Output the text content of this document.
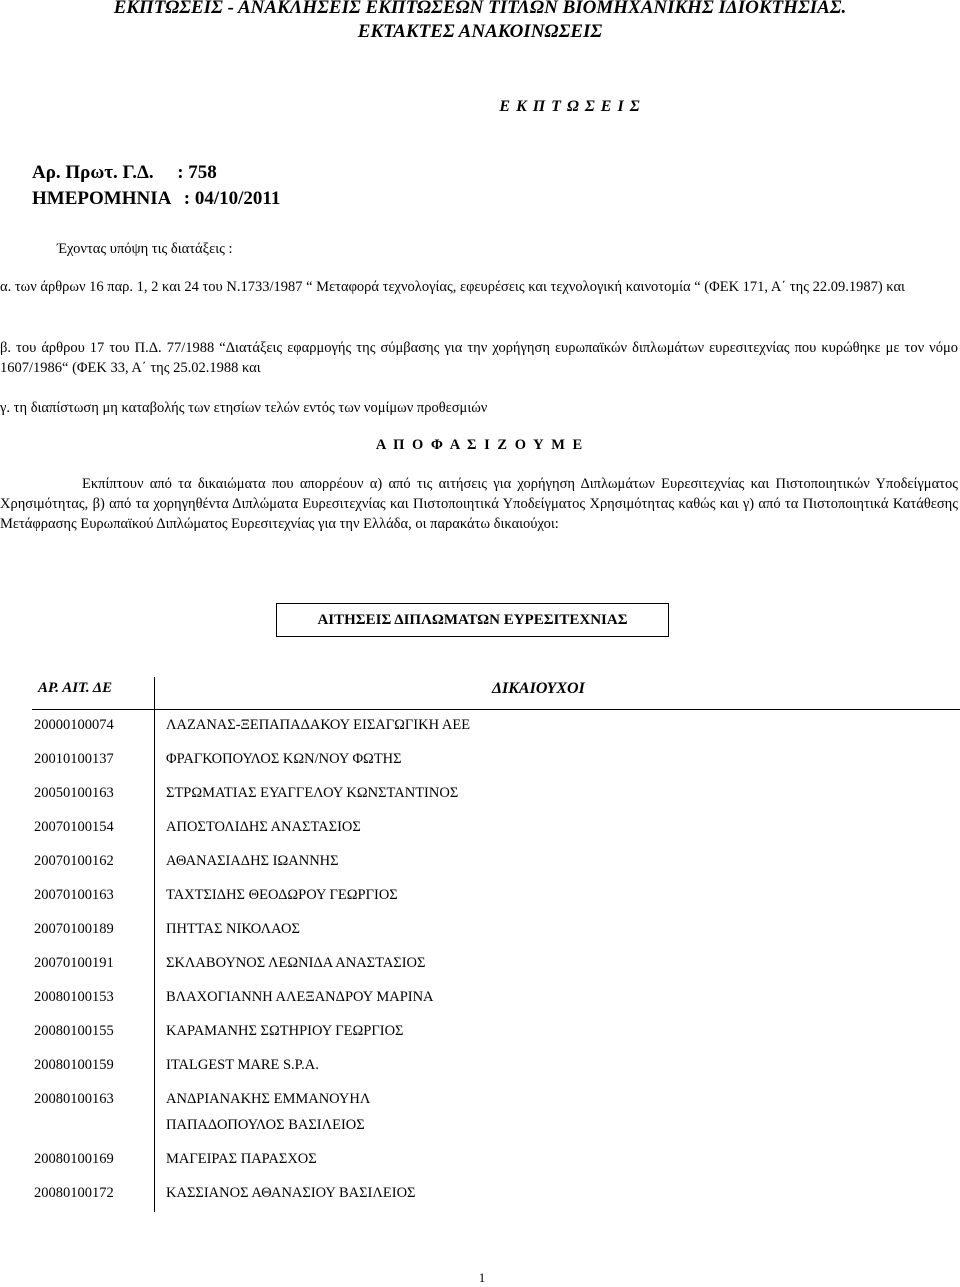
ΕΚΠΤΩΣΕΙΣ - ΑΝΑΚΛΗΣΕΙΣ ΕΚΠΤΩΣΕΩΝ ΤΙΤΛΩΝ ΒΙΟΜΗΧΑΝΙΚΗΣ ΙΔΙΟΚΤΗΣΙΑΣ.
ΕΚΤΑΚΤΕΣ ΑΝΑΚΟΙΝΩΣΕΙΣ
Ε Κ Π Τ Ω Σ Ε Ι Σ
Αρ. Πρωτ. Γ.Δ. : 758
ΗΜΕΡΟΜΗΝΙΑ : 04/10/2011
Έχοντας υπόψη τις διατάξεις :
α. των άρθρων 16 παρ. 1, 2 και 24 του Ν.1733/1987 “ Μεταφορά τεχνολογίας, εφευρέσεις και τεχνολογική καινοτομία “ (ΦΕΚ 171, Α΄ της 22.09.1987) και
β. του άρθρου 17 του Π.Δ. 77/1988 “Διατάξεις εφαρμογής της σύμβασης για την χορήγηση ευρωπαϊκών διπλωμάτων ευρεσιτεχνίας που κυρώθηκε με τον νόμο 1607/1986“ (ΦΕΚ 33, Α΄ της 25.02.1988 και
γ. τη διαπίστωση μη καταβολής των ετησίων τελών εντός των νομίμων προθεσμιών
Α Π Ο Φ Α Σ Ι Ζ Ο Υ Μ Ε
Εκπίπτουν από τα δικαιώματα που απορρέουν α) από τις αιτήσεις για χορήγηση Διπλωμάτων Ευρεσιτεχνίας και Πιστοποιητικών Υποδείγματος Χρησιμότητας, β) από τα χορηγηθέντα Διπλώματα Ευρεσιτεχνίας και Πιστοποιητικά Υποδείγματος Χρησιμότητας καθώς και γ) από τα Πιστοποιητικά Κατάθεσης Μετάφρασης Ευρωπαϊκού Διπλώματος Ευρεσιτεχνίας για την Ελλάδα, οι παρακάτω δικαιούχοι:
ΑΙΤΗΣΕΙΣ ΔΙΠΛΩΜΑΤΩΝ ΕΥΡΕΣΙΤΕΧΝΙΑΣ
ΑΡ. ΑΙΤ. ΔΕ	ΔΙΚΑΙΟΥΧΟΙ
20000100074	ΛΑΖΑΝΑΣ-ΞΕΠΑΠΑΔΑΚΟΥ ΕΙΣΑΓΩΓΙΚΗ ΑΕΕ
20010100137	ΦΡΑΓΚΟΠΟΥΛΟΣ ΚΩΝ/ΝΟΥ ΦΩΤΗΣ
20050100163	ΣΤΡΩΜΑΤΙΑΣ ΕΥΑΓΓΕΛΟΥ ΚΩΝΣΤΑΝΤΙΝΟΣ
20070100154	ΑΠΟΣΤΟΛΙΔΗΣ ΑΝΑΣΤΑΣΙΟΣ
20070100162	ΑΘΑΝΑΣΙΑΔΗΣ ΙΩΑΝΝΗΣ
20070100163	ΤΑΧΤΣΙΔΗΣ ΘΕΟΔΩΡΟΥ ΓΕΩΡΓΙΟΣ
20070100189	ΠΗΤΤΑΣ ΝΙΚΟΛΑΟΣ
20070100191	ΣΚΛΑΒΟΥΝΟΣ ΛΕΩΝΙΔΑ ΑΝΑΣΤΑΣΙΟΣ
20080100153	ΒΛΑΧΟΓΙΑΝΝΗ ΑΛΕΞΑΝΔΡΟΥ ΜΑΡΙΝΑ
20080100155	ΚΑΡΑΜΑΝΗΣ ΣΩΤΗΡΙΟΥ ΓΕΩΡΓΙΟΣ
20080100159	ITALGEST MARE S.P.A.
20080100163	ΑΝΔΡΙΑΝΑΚΗΣ ΕΜΜΑΝΟΥΗΛ
ΠΑΠΑΔΟΠΟΥΛΟΣ ΒΑΣΙΛΕΙΟΣ
20080100169	ΜΑΓΕΙΡΑΣ ΠΑΡΑΣΧΟΣ
20080100172	ΚΑΣΣΙΑΝΟΣ ΑΘΑΝΑΣΙΟΥ ΒΑΣΙΛΕΙΟΣ
1
